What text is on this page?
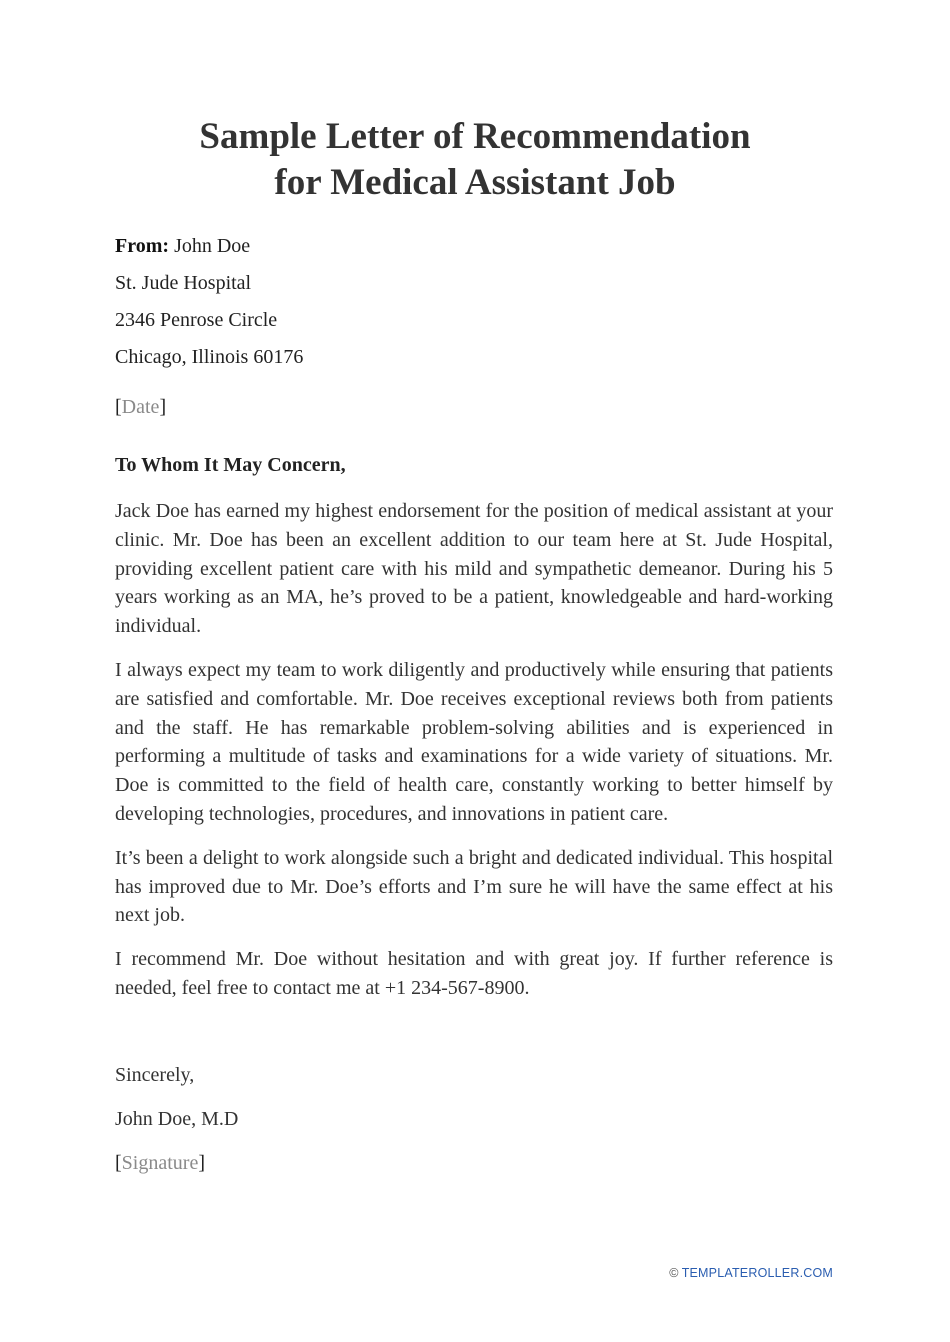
Sample Letter of Recommendation
for Medical Assistant Job
From: John Doe
St. Jude Hospital
2346 Penrose Circle
Chicago, Illinois 60176
[Date]
To Whom It May Concern,

Jack Doe has earned my highest endorsement for the position of medical assistant at your clinic. Mr. Doe has been an excellent addition to our team here at St. Jude Hospital, providing excellent patient care with his mild and sympathetic demeanor. During his 5 years working as an MA, he’s proved to be a patient, knowledgeable and hard-working individual.

I always expect my team to work diligently and productively while ensuring that patients are satisfied and comfortable. Mr. Doe receives exceptional reviews both from patients and the staff. He has remarkable problem-solving abilities and is experienced in performing a multitude of tasks and examinations for a wide variety of situations. Mr. Doe is committed to the field of health care, constantly working to better himself by developing technologies, procedures, and innovations in patient care.

It’s been a delight to work alongside such a bright and dedicated individual. This hospital has improved due to Mr. Doe’s efforts and I’m sure he will have the same effect at his next job.

I recommend Mr. Doe without hesitation and with great joy. If further reference is needed, feel free to contact me at +1 234-567-8900.

Sincerely,
John Doe, M.D
[Signature]
© TEMPLATEROLLER.COM
